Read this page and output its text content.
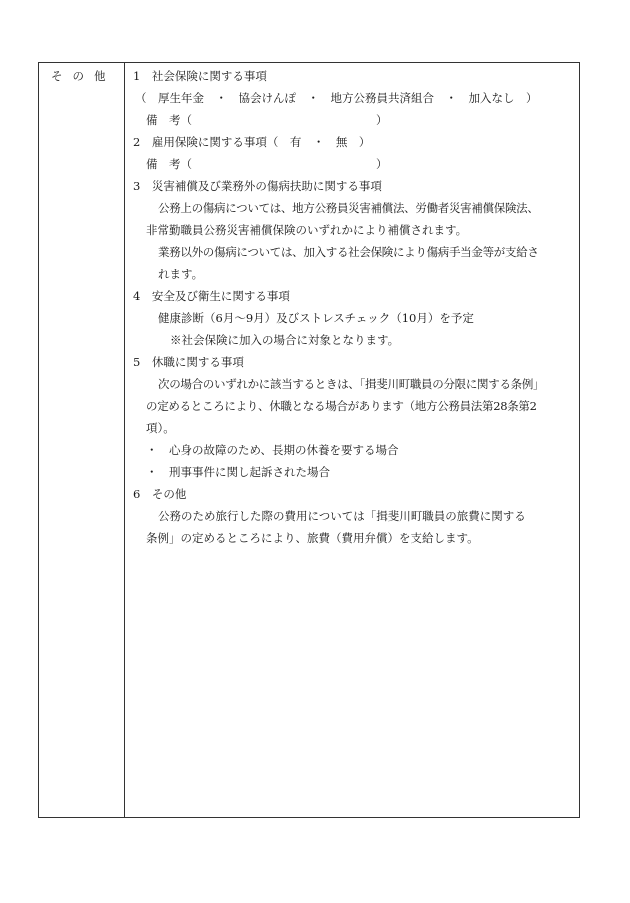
その他 1　社会保険に関する事項
（　厚生年金　・　協会けんぽ　・　地方公務員共済組合　・　加入なし　）
備　考（　　　　　　　　　　　　　　　　）
2　雇用保険に関する事項（　有　・　無　）
備　考（　　　　　　　　　　　　　　　　）
3　災害補償及び業務外の傷病扶助に関する事項
公務上の傷病については、地方公務員災害補償法、労働者災害補償保険法、
非常勤職員公務災害補償保険のいずれかにより補償されます。
業務以外の傷病については、加入する社会保険により傷病手当金等が支給さ
れます。
4　安全及び衛生に関する事項
健康診断（6月～9月）及びストレスチェック（10月）を予定
※社会保険に加入の場合に対象となります。
5　休職に関する事項
次の場合のいずれかに該当するときは、「揖斐川町職員の分限に関する条例」
の定めるところにより、休職となる場合があります（地方公務員法第28条第2
項）。
・　心身の故障のため、長期の休養を要する場合
・　刑事事件に関し起訴された場合
6　その他
公務のため旅行した際の費用については「揖斐川町職員の旅費に関する
条例」の定めるところにより、旅費（費用弁償）を支給します。
